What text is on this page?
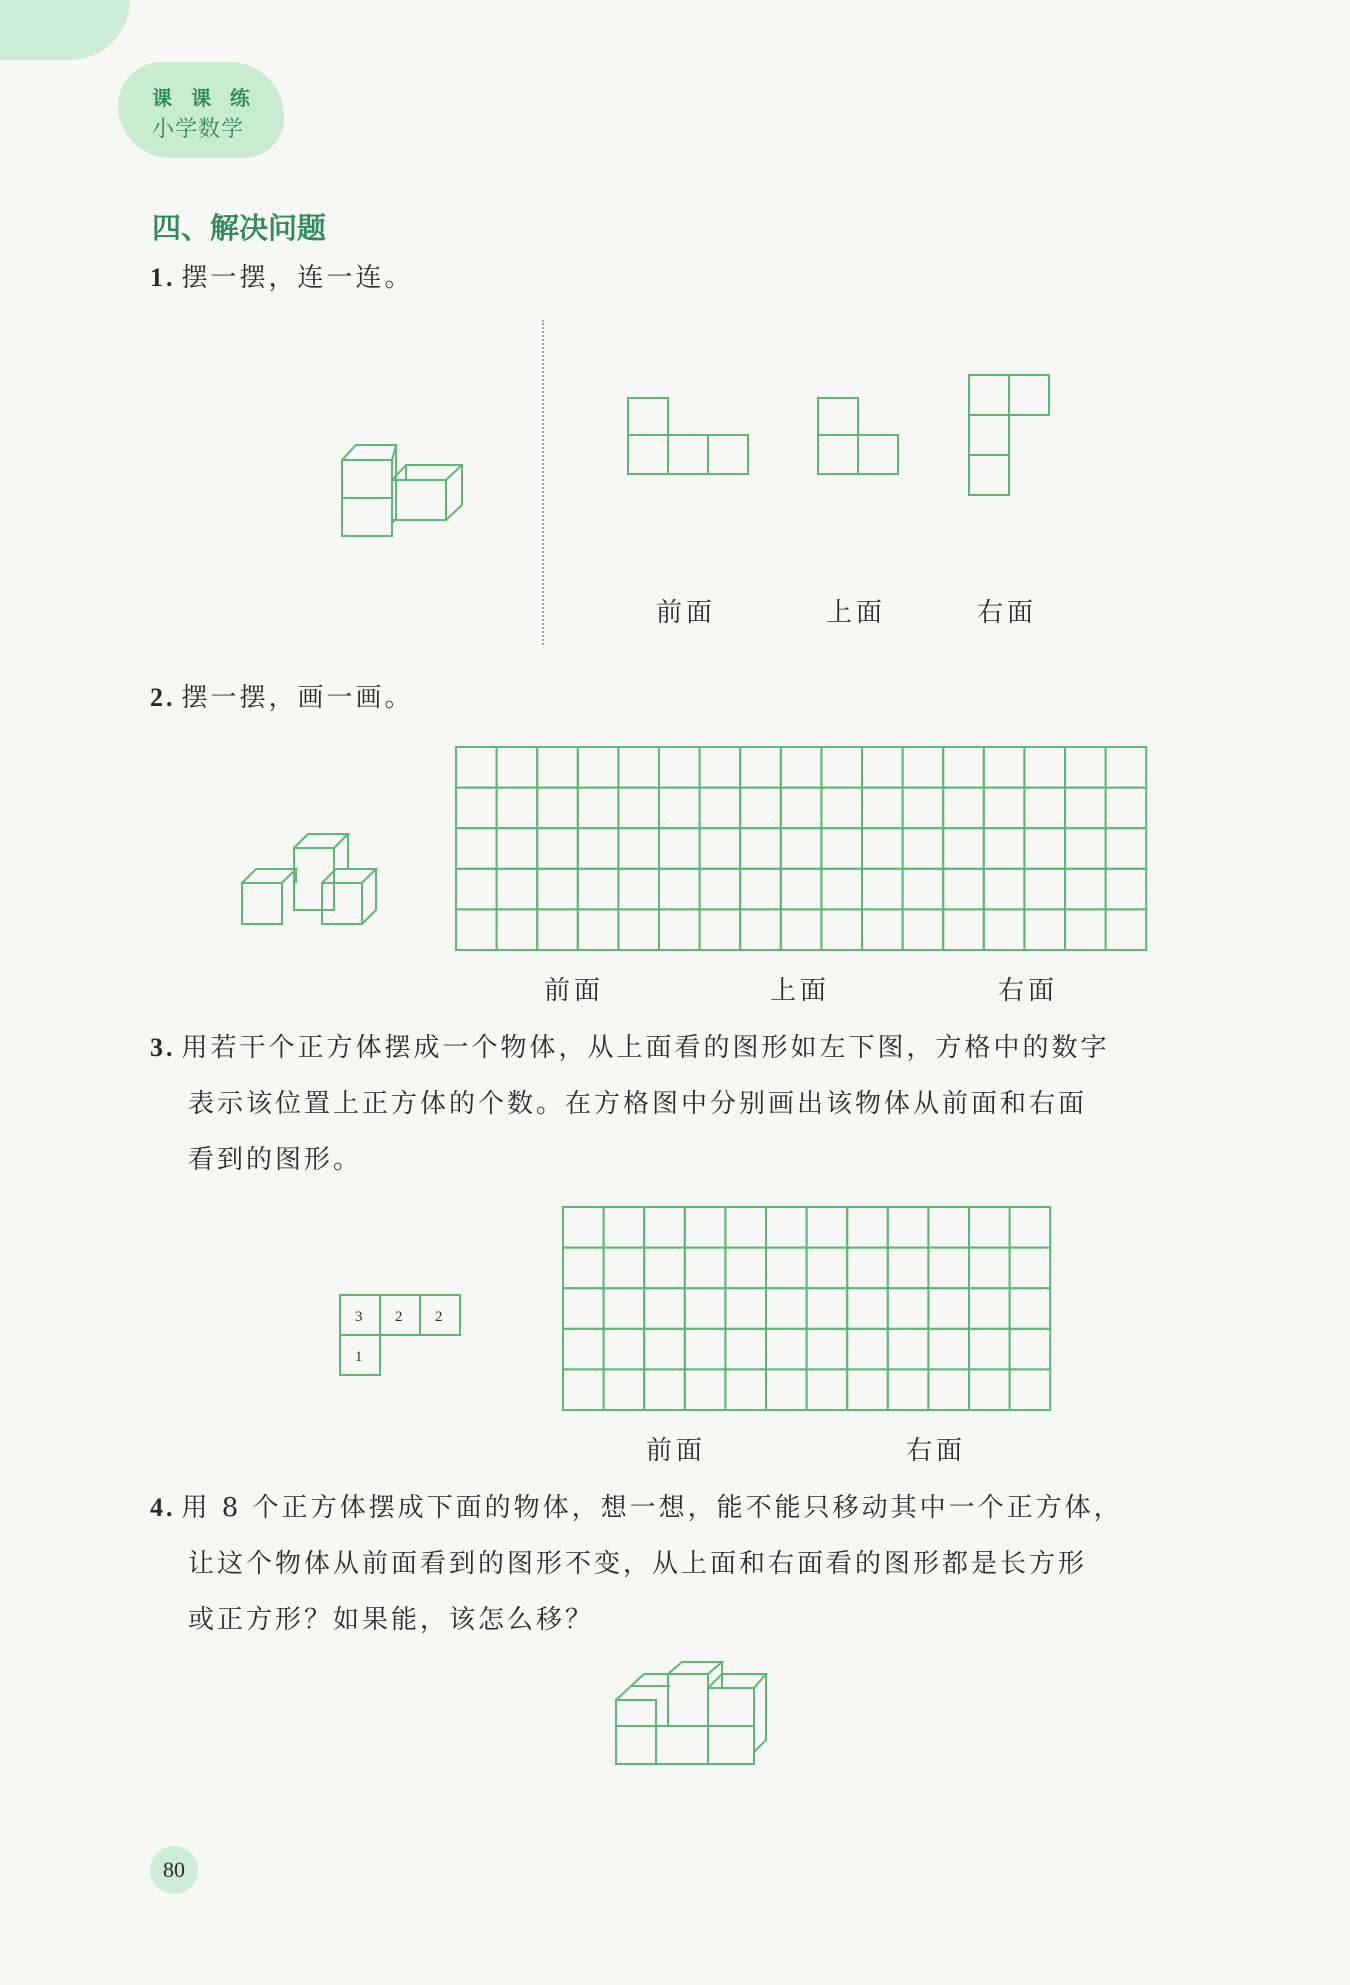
课 课 练
小学数学
四、解决问题
1. 摆一摆，连一连。
前面	上面	右面
2. 摆一摆，画一画。
前面	上面	右面
3. 用若干个正方体摆成一个物体，从上面看的图形如左下图，方格中的数字
表示该位置上正方体的个数。在方格图中分别画出该物体从前面和右面
看到的图形。
3 2 2
1
前面	右面
4. 用 8 个正方体摆成下面的物体，想一想，能不能只移动其中一个正方体，
让这个物体从前面看到的图形不变，从上面和右面看的图形都是长方形
或正方形？如果能，该怎么移？
80
